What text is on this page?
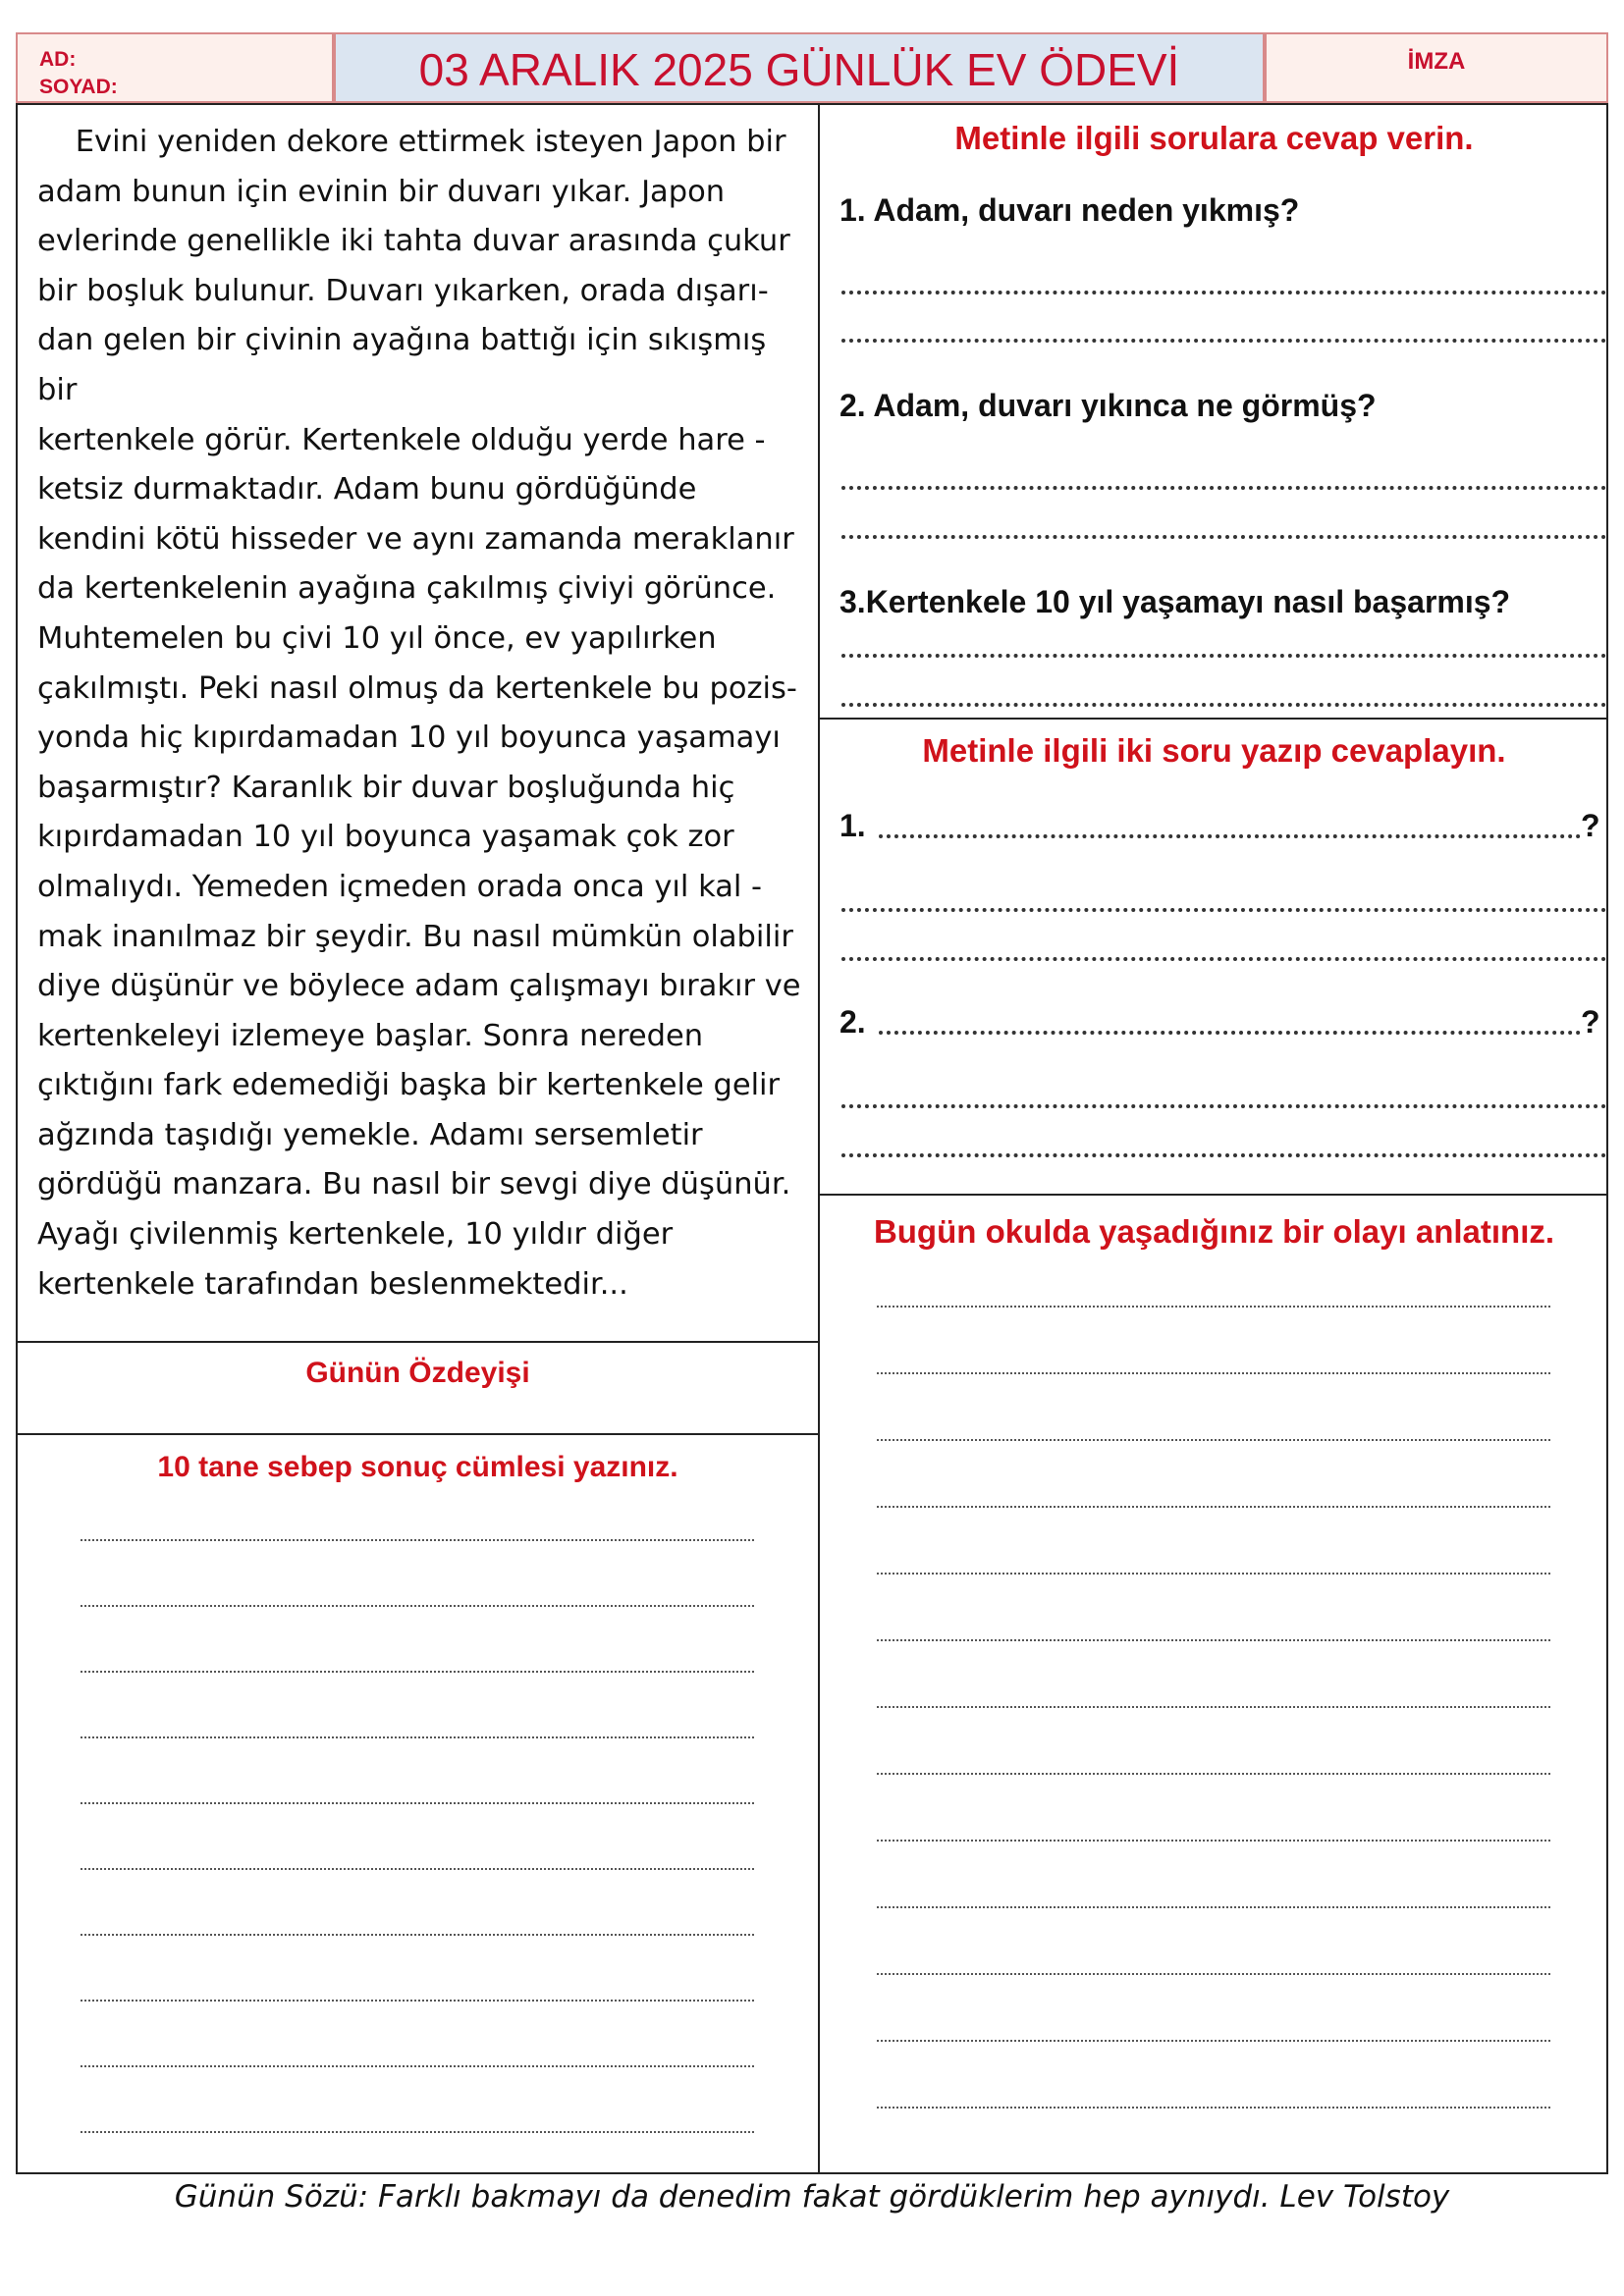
AD:
SOYAD:	03 ARALIK 2025 GÜNLÜK EV ÖDEVİ	İMZA
Evini yeniden dekore ettirmek isteyen Japon bir
adam bunun için evinin bir duvarı yıkar. Japon
evlerinde genellikle iki tahta duvar arasında çukur
bir boşluk bulunur. Duvarı yıkarken, orada dışarı-
dan gelen bir çivinin ayağına battığı için sıkışmış bir
kertenkele görür. Kertenkele olduğu yerde hare -
ketsiz durmaktadır. Adam bunu gördüğünde
kendini kötü hisseder ve aynı zamanda meraklanır
da kertenkelenin ayağına çakılmış çiviyi görünce.
Muhtemelen bu çivi 10 yıl önce, ev yapılırken
çakılmıştı. Peki nasıl olmuş da kertenkele bu pozis-
yonda hiç kıpırdamadan 10 yıl boyunca yaşamayı
başarmıştır? Karanlık bir duvar boşluğunda hiç
kıpırdamadan 10 yıl boyunca yaşamak çok zor
olmalıydı. Yemeden içmeden orada onca yıl kal -
mak inanılmaz bir şeydir. Bu nasıl mümkün olabilir
diye düşünür ve böylece adam çalışmayı bırakır ve
kertenkeleyi izlemeye başlar. Sonra nereden
çıktığını fark edemediği başka bir kertenkele gelir
ağzında taşıdığı yemekle. Adamı sersemletir
gördüğü manzara. Bu nasıl bir sevgi diye düşünür.
Ayağı çivilenmiş kertenkele, 10 yıldır diğer
kertenkele tarafından beslenmektedir...
Günün Özdeyişi
10 tane sebep sonuç cümlesi yazınız.
Metinle ilgili sorulara cevap verin.
1. Adam, duvarı neden yıkmış?
2. Adam, duvarı yıkınca ne görmüş?
3.Kertenkele 10 yıl yaşamayı nasıl başarmış?
Metinle ilgili iki soru yazıp cevaplayın.
1.	?
2.	?
Bugün okulda yaşadığınız bir olayı anlatınız.
Günün Sözü: Farklı bakmayı da denedim fakat gördüklerim hep aynıydı. Lev Tolstoy
